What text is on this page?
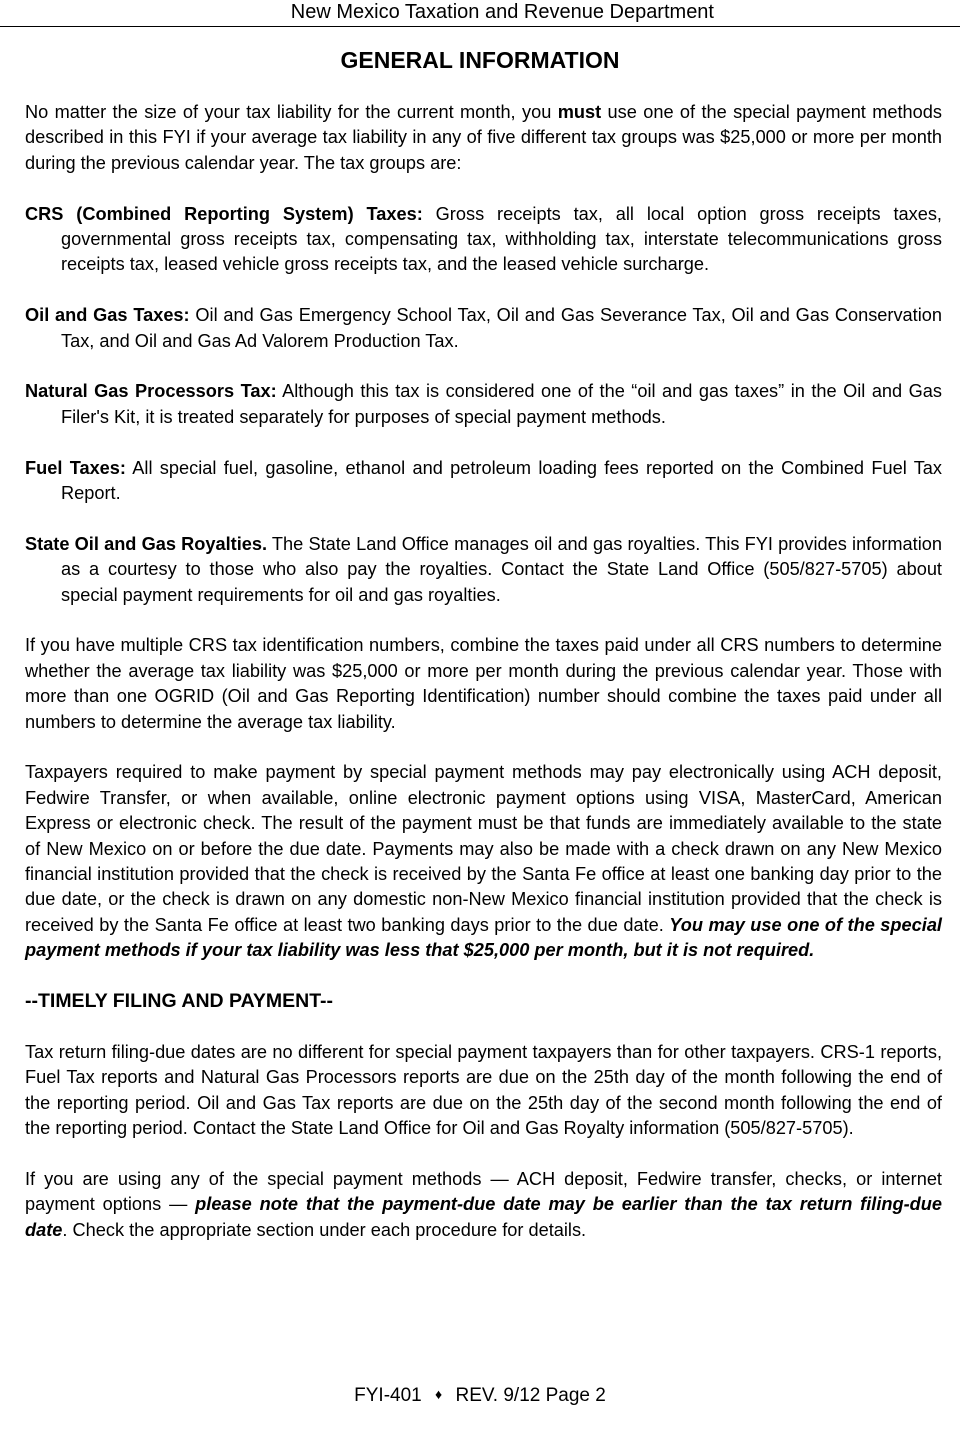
New Mexico Taxation and Revenue Department
GENERAL INFORMATION

No matter the size of your tax liability for the current month, you must use one of the special payment methods described in this FYI if your average tax liability in any of five different tax groups was $25,000 or more per month during the previous calendar year. The tax groups are:

CRS (Combined Reporting System) Taxes: Gross receipts tax, all local option gross receipts taxes, governmental gross receipts tax, compensating tax, withholding tax, interstate telecommunications gross receipts tax, leased vehicle gross receipts tax, and the leased vehicle surcharge.

Oil and Gas Taxes: Oil and Gas Emergency School Tax, Oil and Gas Severance Tax, Oil and Gas Conservation Tax, and Oil and Gas Ad Valorem Production Tax.

Natural Gas Processors Tax: Although this tax is considered one of the “oil and gas taxes” in the Oil and Gas Filer's Kit, it is treated separately for purposes of special payment methods.

Fuel Taxes: All special fuel, gasoline, ethanol and petroleum loading fees reported on the Combined Fuel Tax Report.

State Oil and Gas Royalties. The State Land Office manages oil and gas royalties. This FYI provides information as a courtesy to those who also pay the royalties. Contact the State Land Office (505/827-5705) about special payment requirements for oil and gas royalties.

If you have multiple CRS tax identification numbers, combine the taxes paid under all CRS numbers to determine whether the average tax liability was $25,000 or more per month during the previous calendar year. Those with more than one OGRID (Oil and Gas Reporting Identification) number should combine the taxes paid under all numbers to determine the average tax liability.

Taxpayers required to make payment by special payment methods may pay electronically using ACH deposit, Fedwire Transfer, or when available, online electronic payment options using VISA, MasterCard, American Express or electronic check. The result of the payment must be that funds are immediately available to the state of New Mexico on or before the due date. Payments may also be made with a check drawn on any New Mexico financial institution provided that the check is received by the Santa Fe office at least one banking day prior to the due date, or the check is drawn on any domestic non-New Mexico financial institution provided that the check is received by the Santa Fe office at least two banking days prior to the due date. You may use one of the special payment methods if your tax liability was less that $25,000 per month, but it is not required.

--TIMELY FILING AND PAYMENT--

Tax return filing-due dates are no different for special payment taxpayers than for other taxpayers. CRS-1 reports, Fuel Tax reports and Natural Gas Processors reports are due on the 25th day of the month following the end of the reporting period. Oil and Gas Tax reports are due on the 25th day of the second month following the end of the reporting period. Contact the State Land Office for Oil and Gas Royalty information (505/827-5705).

If you are using any of the special payment methods — ACH deposit, Fedwire transfer, checks, or internet payment options — please note that the payment-due date may be earlier than the tax return filing-due date. Check the appropriate section under each procedure for details.

FYI-401 ♦ REV. 9/12 Page 2
